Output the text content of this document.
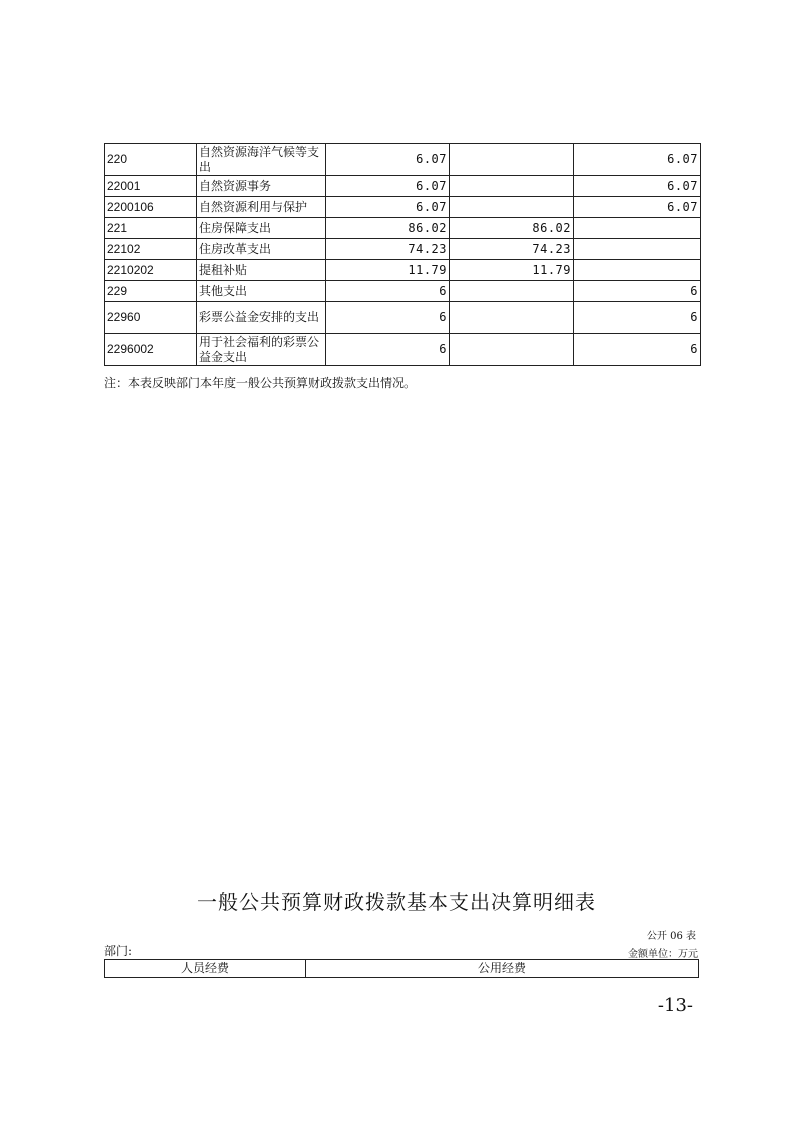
220	自然资源海洋气候等支出	6.07		6.07
22001	自然资源事务	6.07		6.07
2200106	自然资源利用与保护	6.07		6.07
221	住房保障支出	86.02	86.02	
22102	住房改革支出	74.23	74.23	
2210202	提租补贴	11.79	11.79	
229	其他支出	6		6
22960	彩票公益金安排的支出	6		6
2296002	用于社会福利的彩票公益金支出	6		6
注：本表反映部门本年度一般公共预算财政拨款支出情况。
一般公共预算财政拨款基本支出决算明细表
公开 06 表
部门:	金额单位：万元
人员经费	公用经费
-13-
